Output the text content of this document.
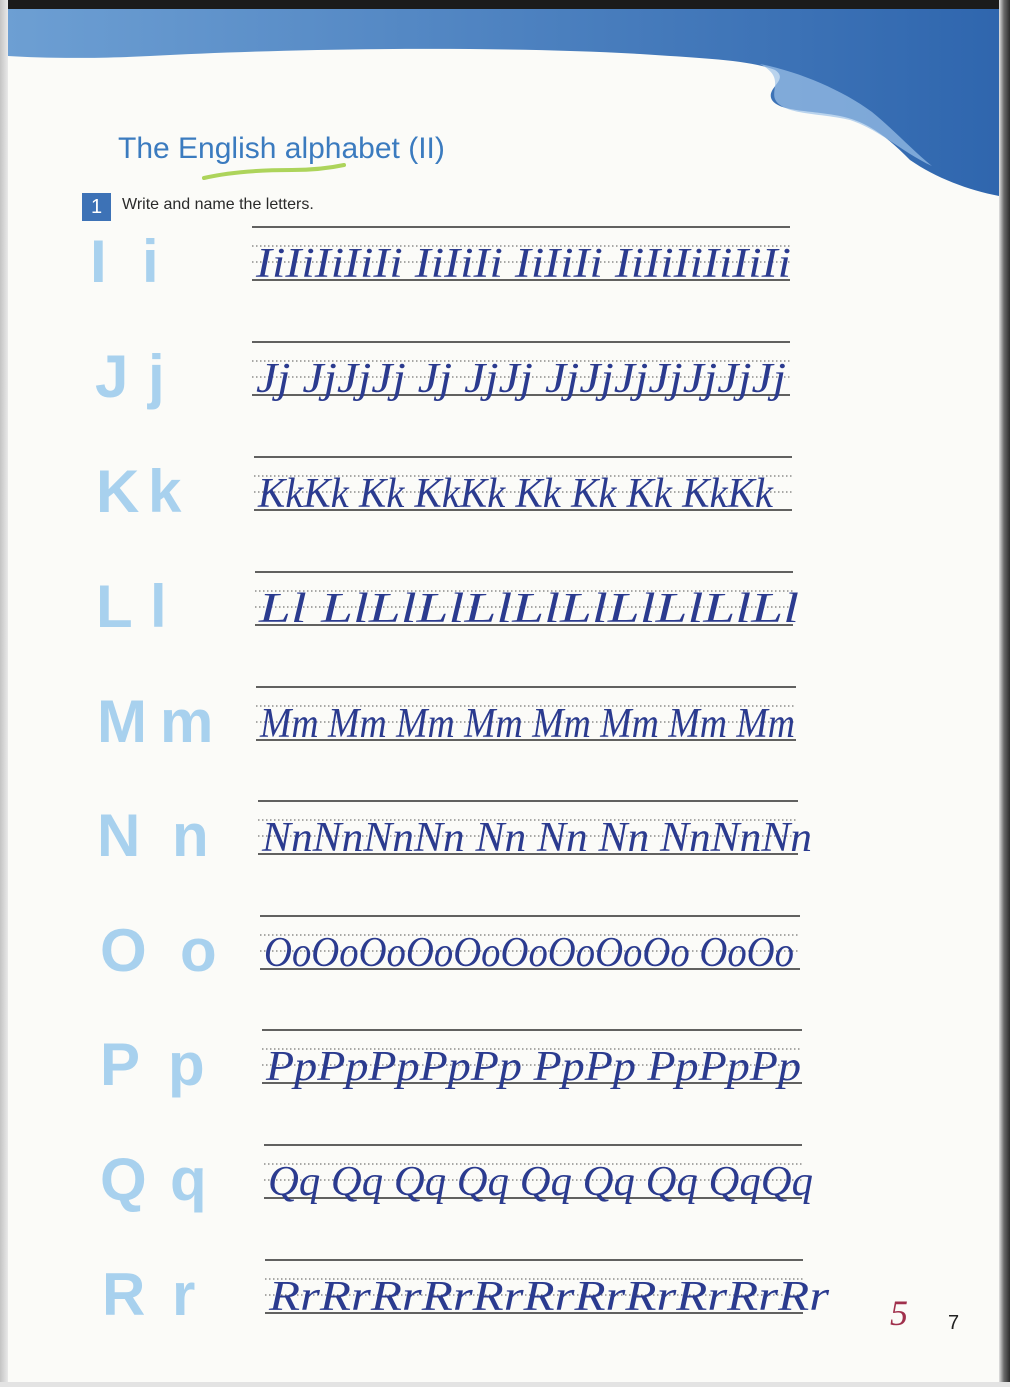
The English alphabet (II)
1	Write and name the letters.
IiIiIiIiIi IiIiIi IiIiIi IiIiIiIiIiIi
Jj JjJjJj Jj JjJj JjJjJjJjJjJjJj
KkKk Kk KkKk Kk Kk Kk KkKk
Ll LlLlLlLlLlLlLlLlLlLl
Mm Mm Mm Mm Mm Mm Mm Mm
NnNnNnNn Nn Nn Nn NnNnNn
OoOoOoOoOoOoOoOoOo OoOo
PpPpPpPpPp PpPp PpPpPp
Qq Qq Qq Qq Qq Qq Qq QqQq
RrRrRrRrRrRrRrRrRrRrRr 5 7
I i
J j
K k
L l
M m
N n
O o
P p
Q q
R r
